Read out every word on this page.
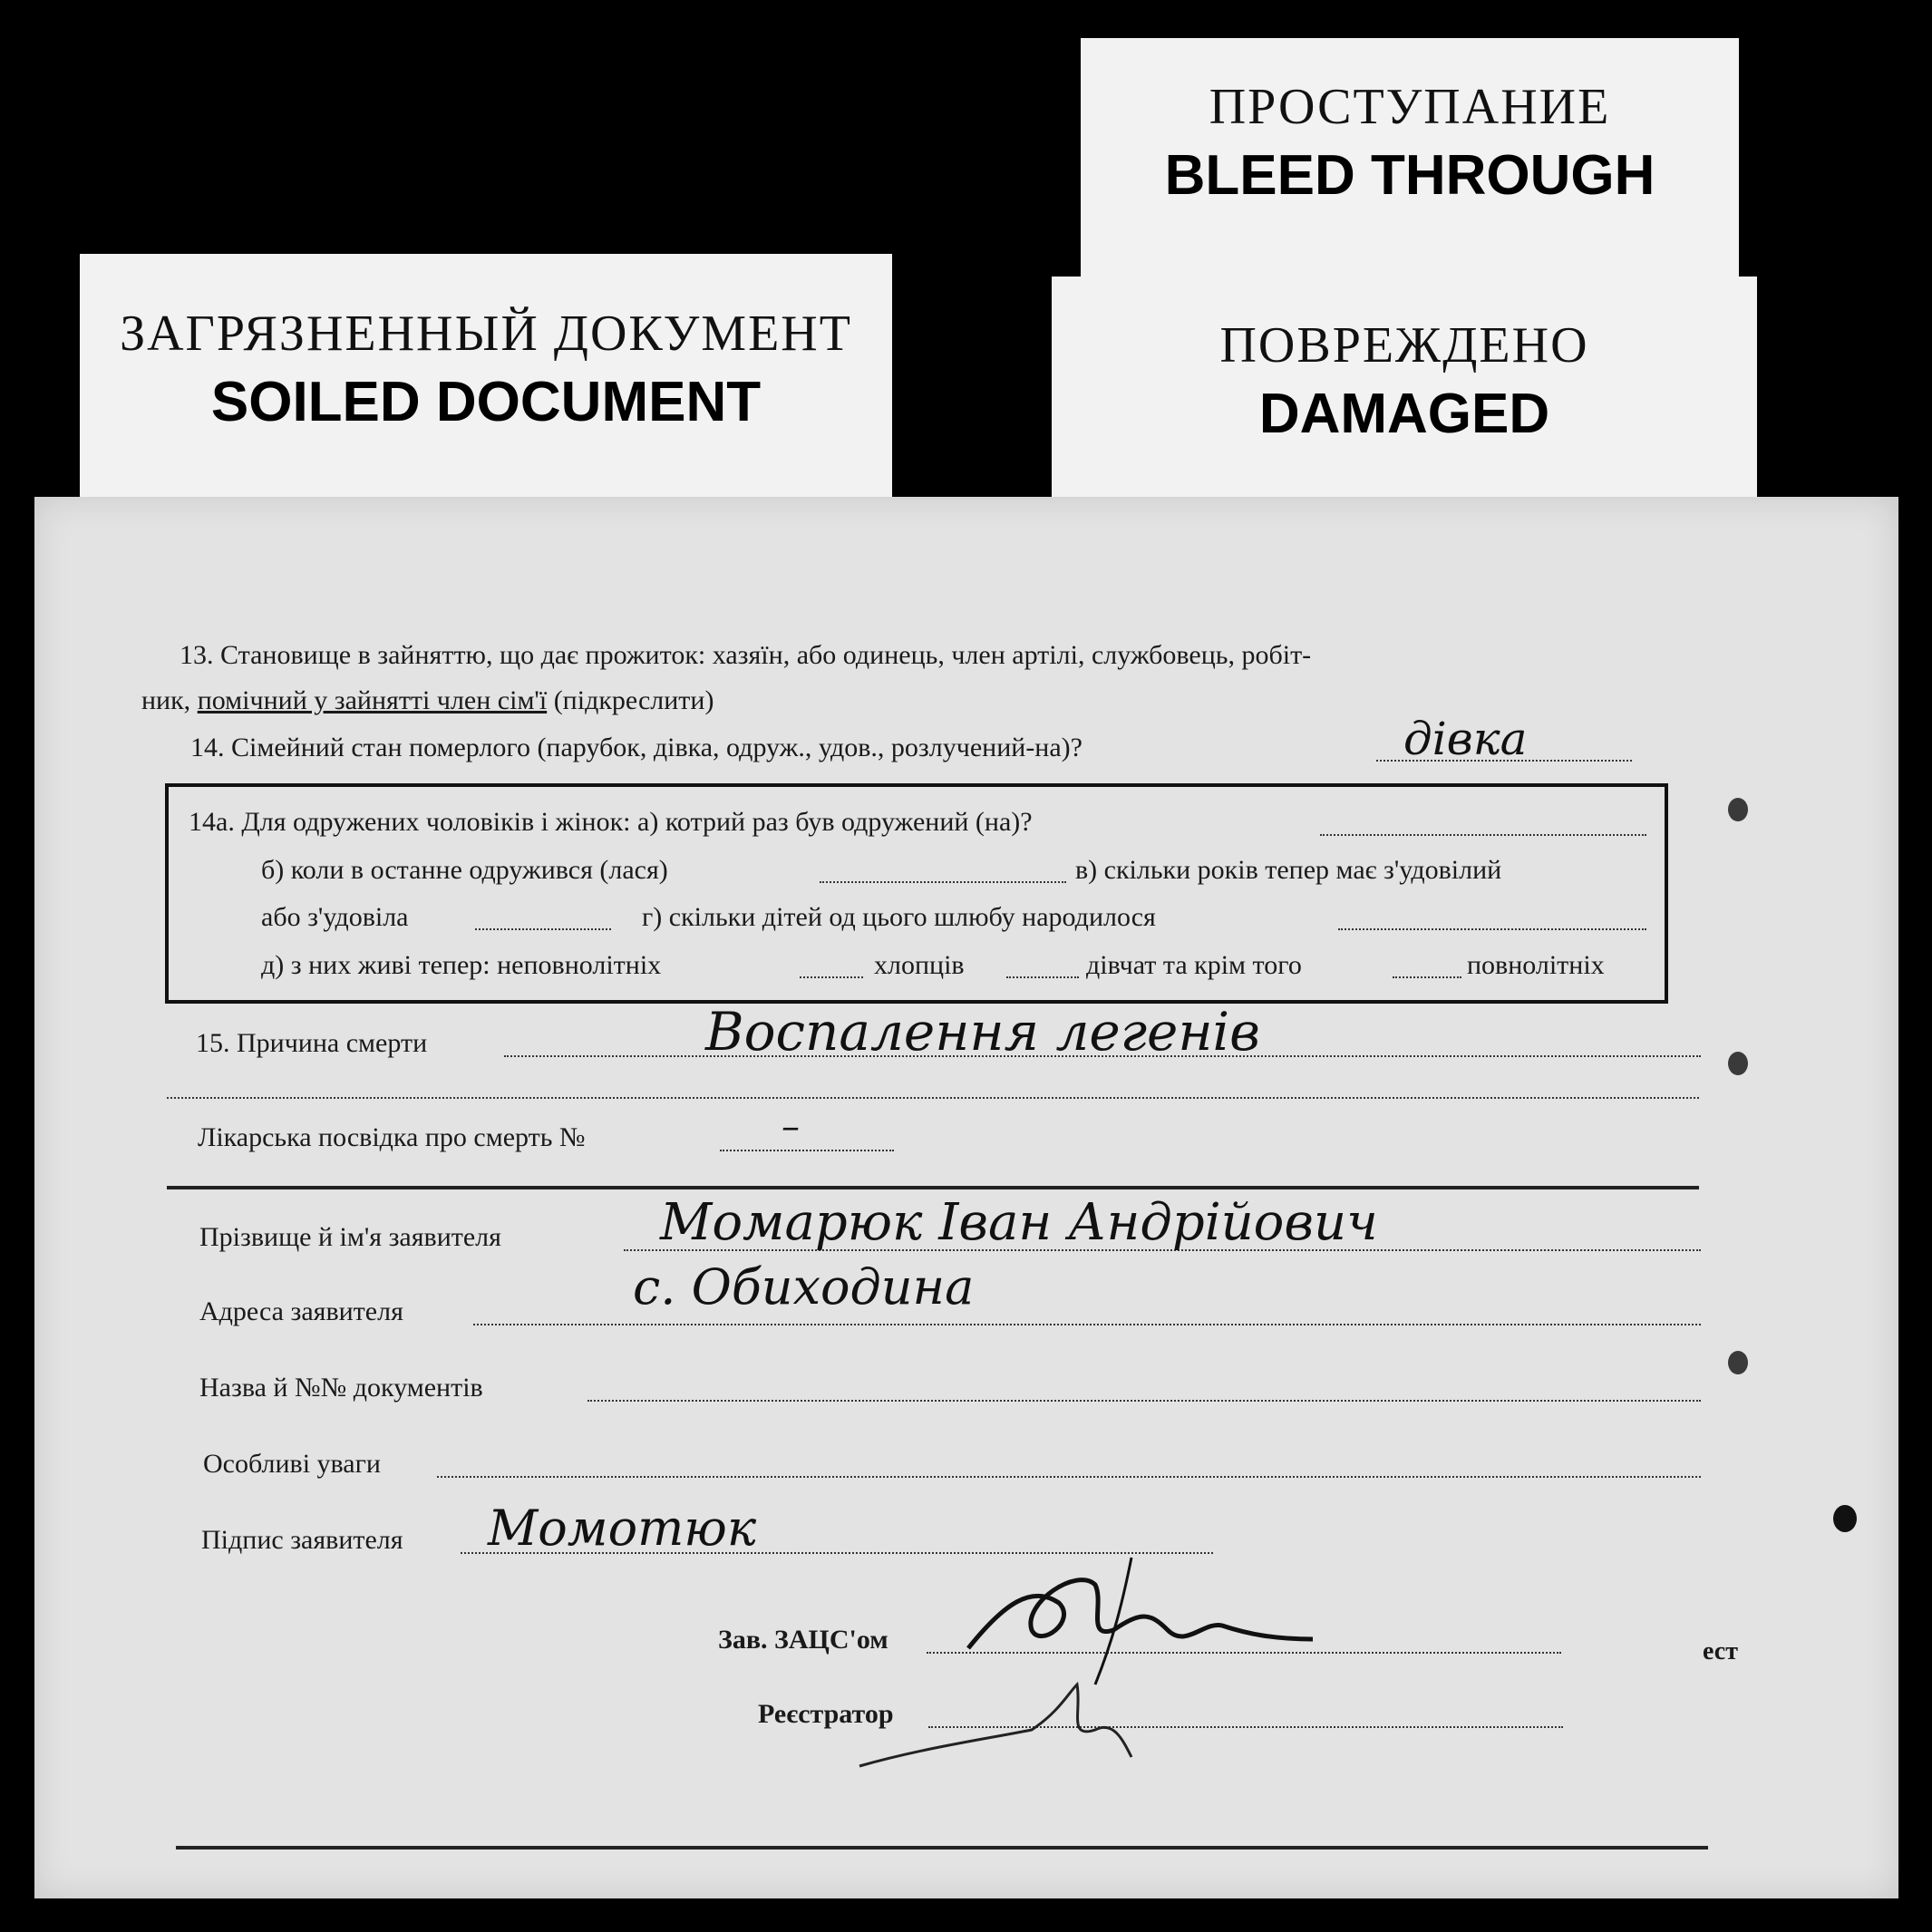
ЗАГРЯЗНЕННЫЙ ДОКУМЕНТ
SOILED DOCUMENT
ПРОСТУПАНИЕ
BLEED THROUGH
ПОВРЕЖДЕНО
DAMAGED
13. Становище в зайняттю, що дає прожиток: хазяїн, або одинець, член артілі, службовець, робіт-
ник, помічний у зайнятті член сім'ї (підкреслити)
14. Сімейний стан померлого (парубок, дівка, одруж., удов., розлучений-на)?	дівка
14а. Для одружених чоловіків і жінок: а) котрий раз був одружений (на)?
б) коли в останне одружився (лася)	в) скільки років тепер має з'удовілий
або з'удовіла	г) скільки дітей од цього шлюбу народилося
д) з них живі тепер: неповнолітніх	хлопців	дівчат та крім того	повнолітніх
15. Причина смерти	Воспалення легенів
Лікарська посвідка про смерть №	–
Прізвище й ім'я заявителя	Момарюк Іван Андрійович
Адреса заявителя	с. Обиходина
Назва й №№ документів
Особливі уваги
Підпис заявителя Момотюк
Зав. ЗАЦС'ом
Реєстратор
ест
